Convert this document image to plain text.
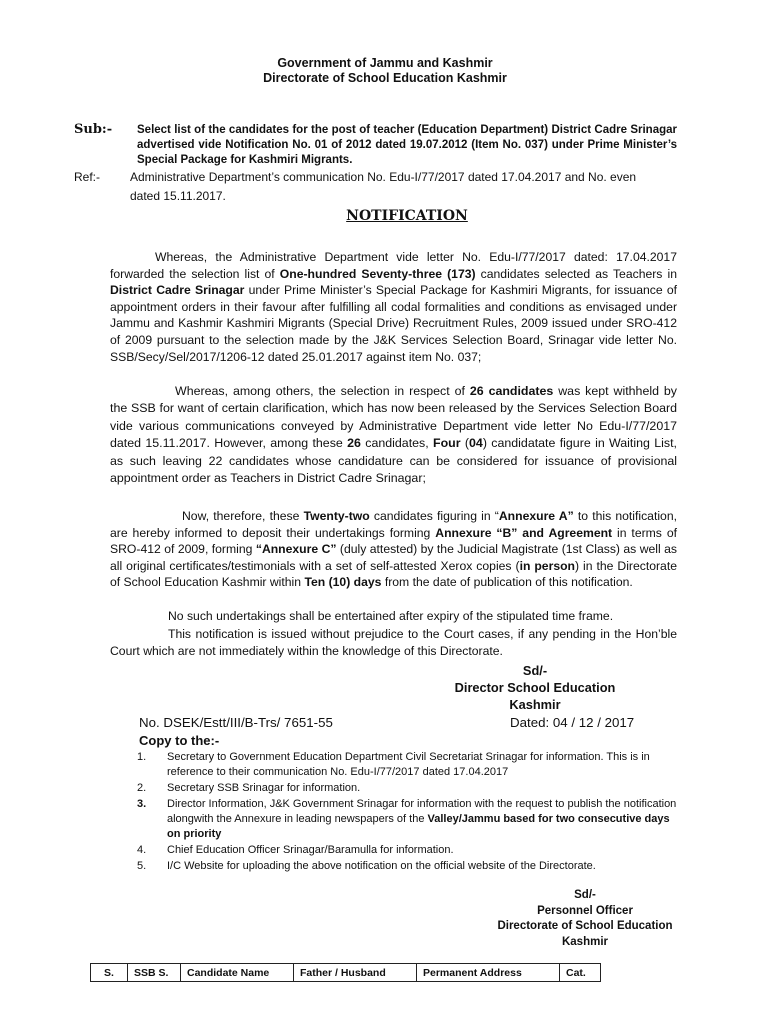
Government of Jammu and Kashmir
Directorate of School Education Kashmir
Sub:- Select list of the candidates for the post of teacher (Education Department) District Cadre Srinagar advertised vide Notification No. 01 of 2012 dated 19.07.2012 (Item No. 037) under Prime Minister’s Special Package for Kashmiri Migrants.
Ref:- Administrative Department’s communication No. Edu-I/77/2017 dated 17.04.2017 and No. even
dated 15.11.2017.
NOTIFICATION
Whereas, the Administrative Department vide letter No. Edu-I/77/2017 dated: 17.04.2017 forwarded the selection list of One-hundred Seventy-three (173) candidates selected as Teachers in District Cadre Srinagar under Prime Minister’s Special Package for Kashmiri Migrants, for issuance of appointment orders in their favour after fulfilling all codal formalities and conditions as envisaged under Jammu and Kashmir Kashmiri Migrants (Special Drive) Recruitment Rules, 2009 issued under SRO-412 of 2009 pursuant to the selection made by the J&K Services Selection Board, Srinagar vide letter No. SSB/Secy/Sel/2017/1206-12 dated 25.01.2017 against item No. 037;
Whereas, among others, the selection in respect of 26 candidates was kept withheld by the SSB for want of certain clarification, which has now been released by the Services Selection Board vide various communications conveyed by Administrative Department vide letter No Edu-I/77/2017 dated 15.11.2017. However, among these 26 candidates, Four (04) candidatate figure in Waiting List, as such leaving 22 candidates whose candidature can be considered for issuance of provisional appointment order as Teachers in District Cadre Srinagar;
Now, therefore, these Twenty-two candidates figuring in “Annexure A” to this notification, are hereby informed to deposit their undertakings forming Annexure “B” and Agreement in terms of SRO-412 of 2009, forming “Annexure C” (duly attested) by the Judicial Magistrate (1st Class) as well as all original certificates/testimonials with a set of self-attested Xerox copies (in person) in the Directorate of School Education Kashmir within Ten (10) days from the date of publication of this notification.
No such undertakings shall be entertained after expiry of the stipulated time frame.
This notification is issued without prejudice to the Court cases, if any pending in the Hon’ble Court which are not immediately within the knowledge of this Directorate.
Sd/-
Director School Education
Kashmir
No. DSEK/Estt/III/B-Trs/ 7651-55	Dated: 04 / 12 / 2017
Copy to the:-
1.	Secretary to Government Education Department Civil Secretariat Srinagar for information. This is in reference to their communication No. Edu-I/77/2017 dated 17.04.2017
2.	Secretary SSB Srinagar for information.
3.	Director Information, J&K Government Srinagar for information with the request to publish the notification alongwith the Annexure in leading newspapers of the Valley/Jammu based for two consecutive days on priority
4.	Chief Education Officer Srinagar/Baramulla for information.
5.	I/C Website for uploading the above notification on the official website of the Directorate.
Sd/-
Personnel Officer
Directorate of School Education
Kashmir
S.	SSB S.	Candidate Name	Father / Husband	Permanent Address	Cat.
